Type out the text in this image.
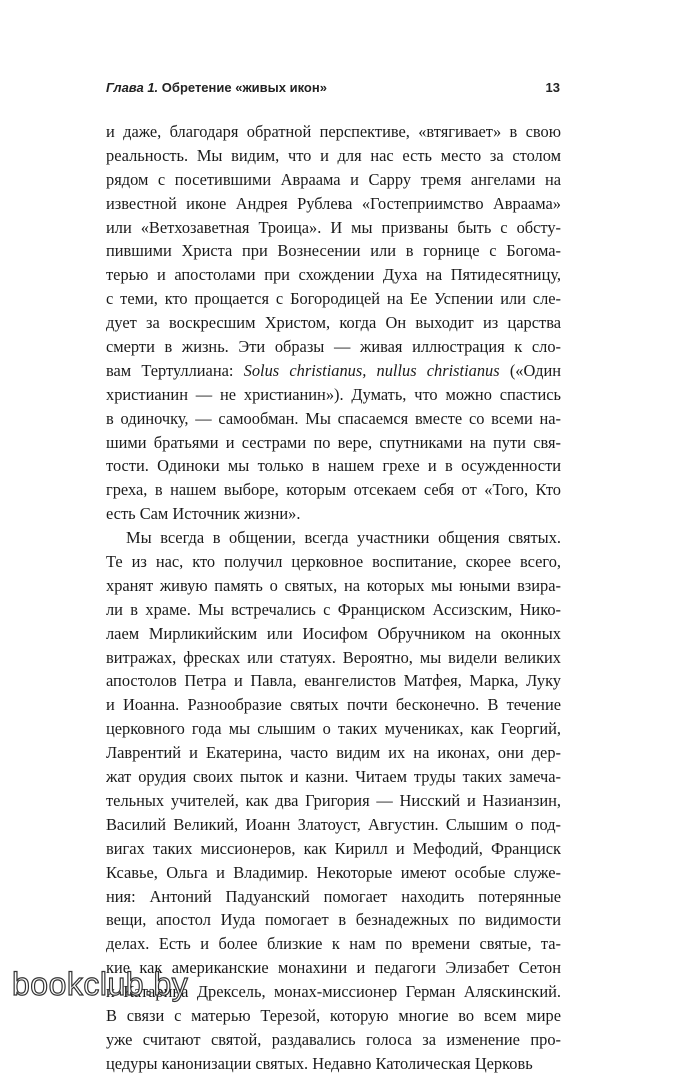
Глава 1. Обретение «живых икон»	13
и даже, благодаря обратной перспективе, «втягивает» в свою
реальность. Мы видим, что и для нас есть место за столом
рядом с посетившими Авраама и Сарру тремя ангелами на
известной иконе Андрея Рублева «Гостеприимство Авраама»
или «Ветхозаветная Троица». И мы призваны быть с обсту-
пившими Христа при Вознесении или в горнице с Богома-
терью и апостолами при схождении Духа на Пятидесятницу,
с теми, кто прощается с Богородицей на Ее Успении или сле-
дует за воскресшим Христом, когда Он выходит из царства
смерти в жизнь. Эти образы — живая иллюстрация к сло-
вам Тертуллиана: Solus christianus, nullus christianus («Один
христианин — не христианин»). Думать, что можно спастись
в одиночку, — самообман. Мы спасаемся вместе со всеми на-
шими братьями и сестрами по вере, спутниками на пути свя-
тости. Одиноки мы только в нашем грехе и в осужденности
греха, в нашем выборе, которым отсекаем себя от «Того, Кто
есть Сам Источник жизни».
Мы всегда в общении, всегда участники общения святых.
Те из нас, кто получил церковное воспитание, скорее всего,
хранят живую память о святых, на которых мы юными взира-
ли в храме. Мы встречались с Франциском Ассизским, Нико-
лаем Мирликийским или Иосифом Обручником на оконных
витражах, фресках или статуях. Вероятно, мы видели великих
апостолов Петра и Павла, евангелистов Матфея, Марка, Луку
и Иоанна. Разнообразие святых почти бесконечно. В течение
церковного года мы слышим о таких мучениках, как Георгий,
Лаврентий и Екатерина, часто видим их на иконах, они дер-
жат орудия своих пыток и казни. Читаем труды таких замеча-
тельных учителей, как два Григория — Нисский и Назианзин,
Василий Великий, Иоанн Златоуст, Августин. Слышим о под-
вигах таких миссионеров, как Кирилл и Мефодий, Франциск
Ксавье, Ольга и Владимир. Некоторые имеют особые служе-
ния: Антоний Падуанский помогает находить потерянные
вещи, апостол Иуда помогает в безнадежных по видимости
делах. Есть и более близкие к нам по времени святые, та-
кие как американские монахини и педагоги Элизабет Сетон
и Катарина Дрексель, монах-миссионер Герман Аляскинский.
В связи с матерью Терезой, которую многие во всем мире
уже считают святой, раздавались голоса за изменение про-
цедуры канонизации святых. Недавно Католическая Церковь
bookclub.by
